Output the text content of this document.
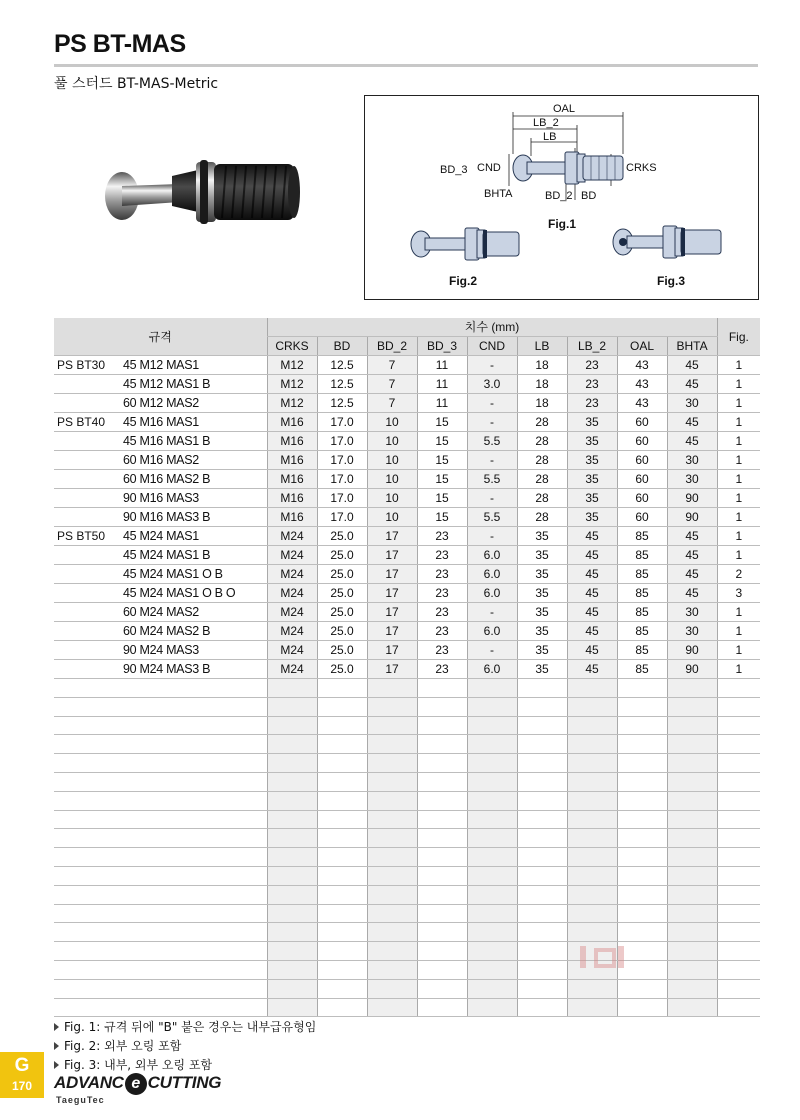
PS BT-MAS
풀 스터드 BT-MAS-Metric
OAL
LB_2
LB
BD_3 CND	CRKS
BHTA	BD_2 BD
Fig.1
Fig.2	Fig.3
규격		치수 (mm)									Fig.
		CRKS	BD	BD_2	BD_3	CND	LB	LB_2	OAL	BHTA	
PS BT30	45 M12 MAS1	M12	12.5	7	11	-	18	23	43	45	1
	45 M12 MAS1 B	M12	12.5	7	11	3.0	18	23	43	45	1
	60 M12 MAS2	M12	12.5	7	11	-	18	23	43	30	1
PS BT40	45 M16 MAS1	M16	17.0	10	15	-	28	35	60	45	1
	45 M16 MAS1 B	M16	17.0	10	15	5.5	28	35	60	45	1
	60 M16 MAS2	M16	17.0	10	15	-	28	35	60	30	1
	60 M16 MAS2 B	M16	17.0	10	15	5.5	28	35	60	30	1
	90 M16 MAS3	M16	17.0	10	15	-	28	35	60	90	1
	90 M16 MAS3 B	M16	17.0	10	15	5.5	28	35	60	90	1
PS BT50	45 M24 MAS1	M24	25.0	17	23	-	35	45	85	45	1
	45 M24 MAS1 B	M24	25.0	17	23	6.0	35	45	85	45	1
	45 M24 MAS1 O B	M24	25.0	17	23	6.0	35	45	85	45	2
	45 M24 MAS1 O B O	M24	25.0	17	23	6.0	35	45	85	45	3
	60 M24 MAS2	M24	25.0	17	23	-	35	45	85	30	1
	60 M24 MAS2 B	M24	25.0	17	23	6.0	35	45	85	30	1
	90 M24 MAS3	M24	25.0	17	23	-	35	45	85	90	1
	90 M24 MAS3 B	M24	25.0	17	23	6.0	35	45	85	90	1

Fig. 1: 규격 뒤에 "B" 붙은 경우는 내부급유형임
Fig. 2: 외부 오링 포함
Fig. 3: 내부, 외부 오링 포함
G
170	ADVANC e CUTTING
TaeguTec
